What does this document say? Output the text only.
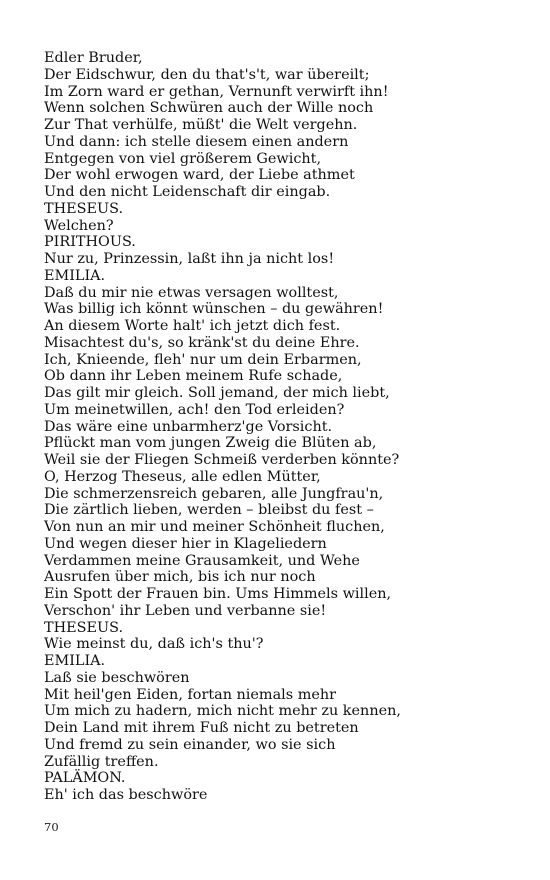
Edler Bruder,

Der Eidschwur, den du that's't, war übereilt;

Im Zorn ward er gethan, Vernunft verwirft ihn!

Wenn solchen Schwüren auch der Wille noch

Zur That verhülfe, müßt' die Welt vergehn.

Und dann: ich stelle diesem einen andern

Entgegen von viel größerem Gewicht,

Der wohl erwogen ward, der Liebe athmet

Und den nicht Leidenschaft dir eingab.

THESEUS.

Welchen?

PIRITHOUS.

Nur zu, Prinzessin, laßt ihn ja nicht los!

EMILIA.

Daß du mir nie etwas versagen wolltest,

Was billig ich könnt wünschen – du gewähren!

An diesem Worte halt' ich jetzt dich fest.

Misachtest du's, so kränk'st du deine Ehre.

Ich, Knieende, fleh' nur um dein Erbarmen,

Ob dann ihr Leben meinem Rufe schade,

Das gilt mir gleich. Soll jemand, der mich liebt,

Um meinetwillen, ach! den Tod erleiden?

Das wäre eine unbarmherz'ge Vorsicht.

Pflückt man vom jungen Zweig die Blüten ab,

Weil sie der Fliegen Schmeiß verderben könnte?

O, Herzog Theseus, alle edlen Mütter,

Die schmerzensreich gebaren, alle Jungfrau'n,

Die zärtlich lieben, werden – bleibst du fest –

Von nun an mir und meiner Schönheit fluchen,

Und wegen dieser hier in Klageliedern

Verdammen meine Grausamkeit, und Wehe

Ausrufen über mich, bis ich nur noch

Ein Spott der Frauen bin. Ums Himmels willen,

Verschon' ihr Leben und verbanne sie!

THESEUS.

Wie meinst du, daß ich's thu'?

EMILIA.

Laß sie beschwören

Mit heil'gen Eiden, fortan niemals mehr

Um mich zu hadern, mich nicht mehr zu kennen,

Dein Land mit ihrem Fuß nicht zu betreten

Und fremd zu sein einander, wo sie sich

Zufällig treffen.

PALÄMON.

Eh' ich das beschwöre

70
